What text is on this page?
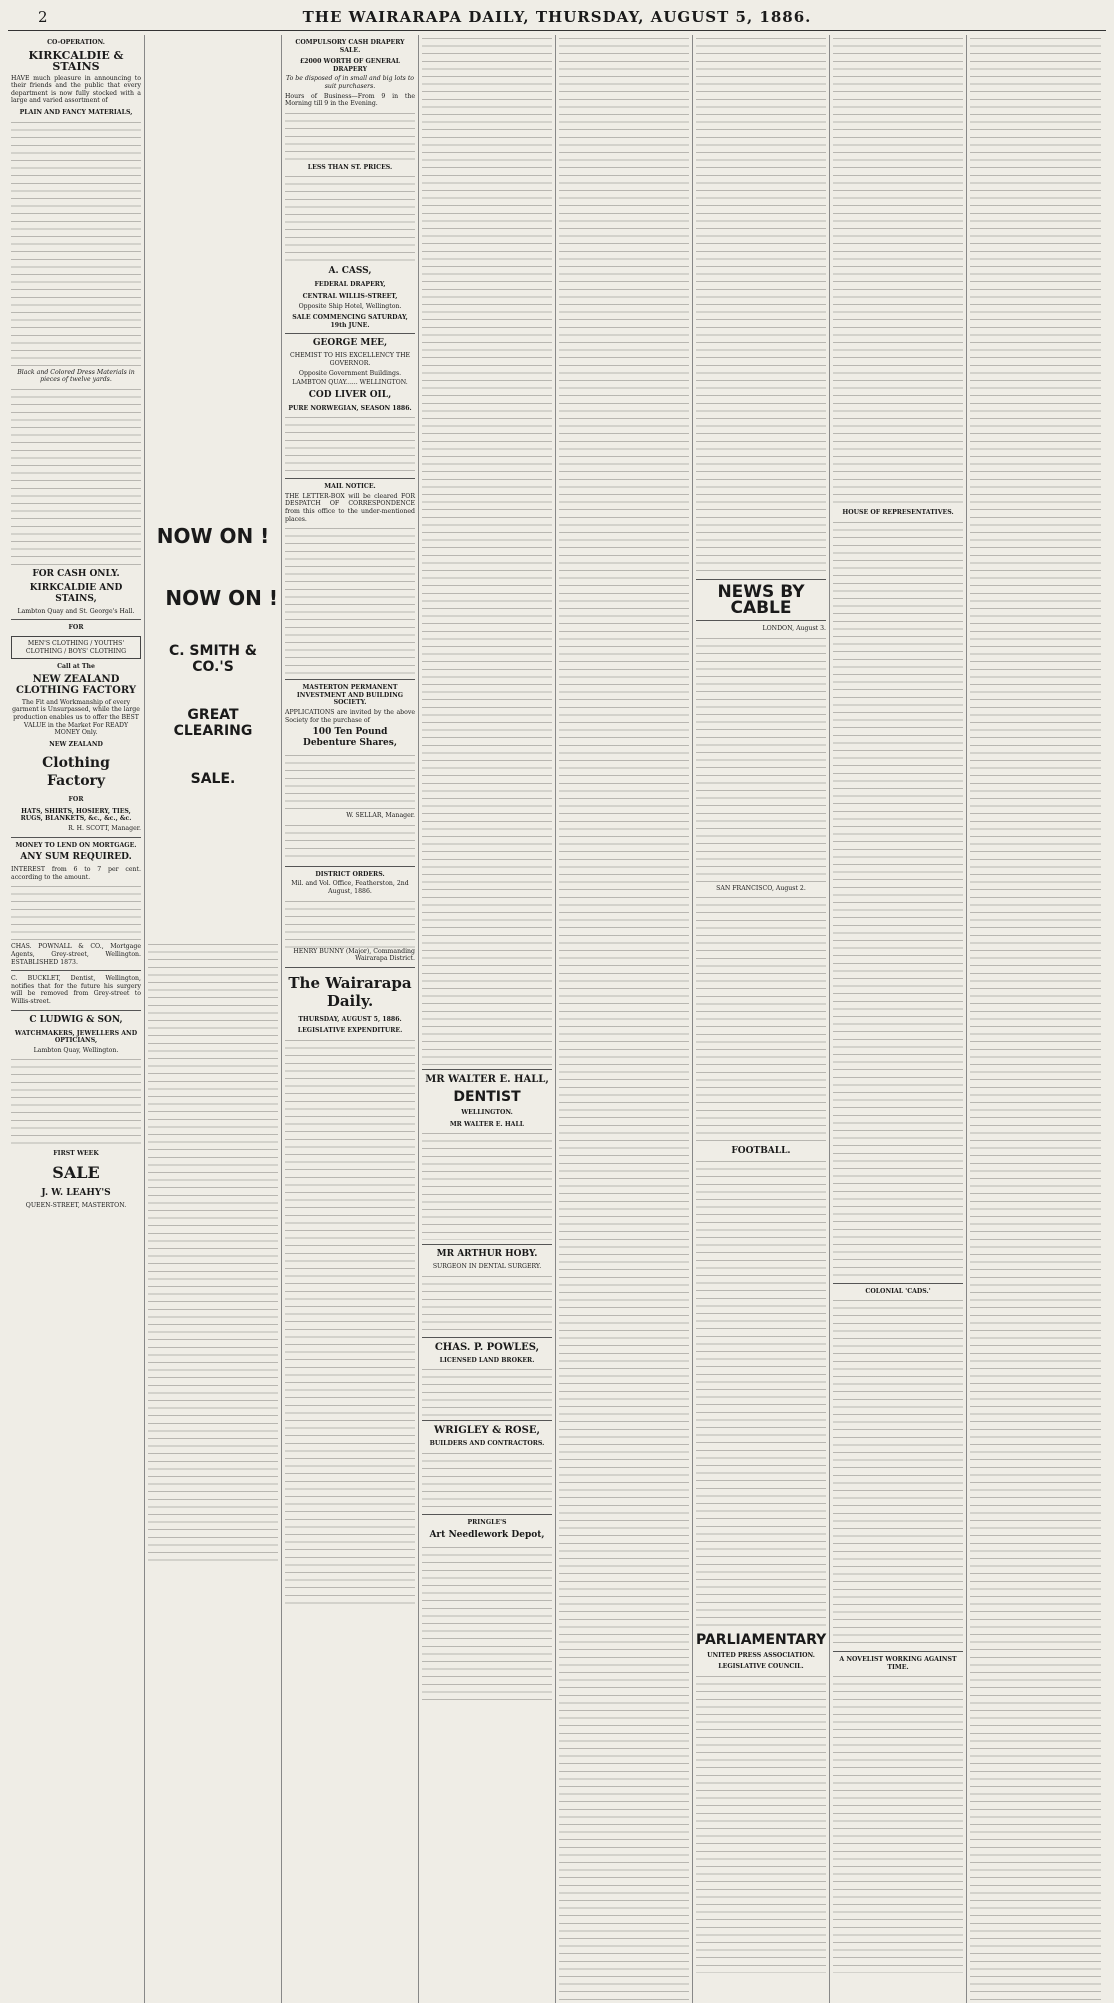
2	THE WAIRARAPA DAILY, THURSDAY, AUGUST 5, 1886.
CO-OPERATION.
KIRKCALDIE & STAINS

HAVE much pleasure in announcing to their friends and the public that every department is now fully stocked with a large and varied assortment of

PLAIN AND FANCY MATERIALS,

Black and Colored Dress Materials in pieces of twelve yards.

FOR CASH ONLY.
KIRKCALDIE AND STAINS,

Lambton Quay and St. George's Hall.

FOR
MEN'S CLOTHING / YOUTHS' CLOTHING / BOYS' CLOTHING
Call at The
NEW ZEALAND CLOTHING FACTORY

The Fit and Workmanship of every garment is Unsurpassed, while the large production enables us to offer the BEST VALUE in the Market For READY MONEY Only.

NEW ZEALAND
Clothing Factory
FOR
HATS, SHIRTS, HOSIERY, TIES, RUGS, BLANKETS, &c., &c., &c.

R. H. SCOTT, Manager.

MONEY TO LEND ON MORTGAGE.
ANY SUM REQUIRED.

INTEREST from 6 to 7 per cent. according to the amount.

CHAS. POWNALL & CO., Mortgage Agents, Grey-street, Wellington. ESTABLISHED 1873.

C. BUCKLET, Dentist, Wellington, notifies that for the future his surgery will be removed from Grey-street to Willis-street.

C LUDWIG & SON,
WATCHMAKERS, JEWELLERS AND OPTICIANS,

Lambton Quay, Wellington.

FIRST WEEK
SALE
J. W. LEAHY'S

QUEEN-STREET, MASTERTON.

NOW ON !
NOW ON !
C. SMITH & CO.'S
GREAT CLEARING
SALE.
COMPULSORY CASH DRAPERY SALE.
£2000 WORTH OF GENERAL DRAPERY

To be disposed of in small and big lots to suit purchasers.

Hours of Business—From 9 in the Morning till 9 in the Evening.

LESS THAN ST. PRICES.
A. CASS,
FEDERAL DRAPERY,
CENTRAL WILLIS-STREET,

Opposite Ship Hotel, Wellington.

SALE COMMENCING SATURDAY, 19th JUNE.
GEORGE MEE,

CHEMIST TO HIS EXCELLENCY THE GOVERNOR.

Opposite Government Buildings.

LAMBTON QUAY...... WELLINGTON.

COD LIVER OIL,
PURE NORWEGIAN, SEASON 1886.
MAIL NOTICE.

THE LETTER-BOX will be cleared FOR DESPATCH OF CORRESPONDENCE from this office to the under-mentioned places.

MASTERTON PERMANENT INVESTMENT AND BUILDING SOCIETY.

APPLICATIONS are invited by the above Society for the purchase of

100 Ten Pound Debenture Shares,

W. SELLAR, Manager.

DISTRICT ORDERS.

Mil. and Vol. Office, Featherston, 2nd August, 1886.

HENRY BUNNY (Major), Commanding Wairarapa District.

The Wairarapa Daily.
THURSDAY, AUGUST 5, 1886.
LEGISLATIVE EXPENDITURE.
MR WALTER E. HALL,
DENTIST
WELLINGTON.
MR WALTER E. HALL
MR ARTHUR HOBY.

SURGEON IN DENTAL SURGERY.

CHAS. P. POWLES,
LICENSED LAND BROKER.
WRIGLEY & ROSE,
BUILDERS AND CONTRACTORS.
PRINGLE'S
Art Needlework Depot,
NEWS BY CABLE

LONDON, August 3.

SAN FRANCISCO, August 2.

FOOTBALL.
PARLIAMENTARY
UNITED PRESS ASSOCIATION.
LEGISLATIVE COUNCIL.
HOUSE OF REPRESENTATIVES.
COLONIAL 'CADS.'
A NOVELIST WORKING AGAINST TIME.
